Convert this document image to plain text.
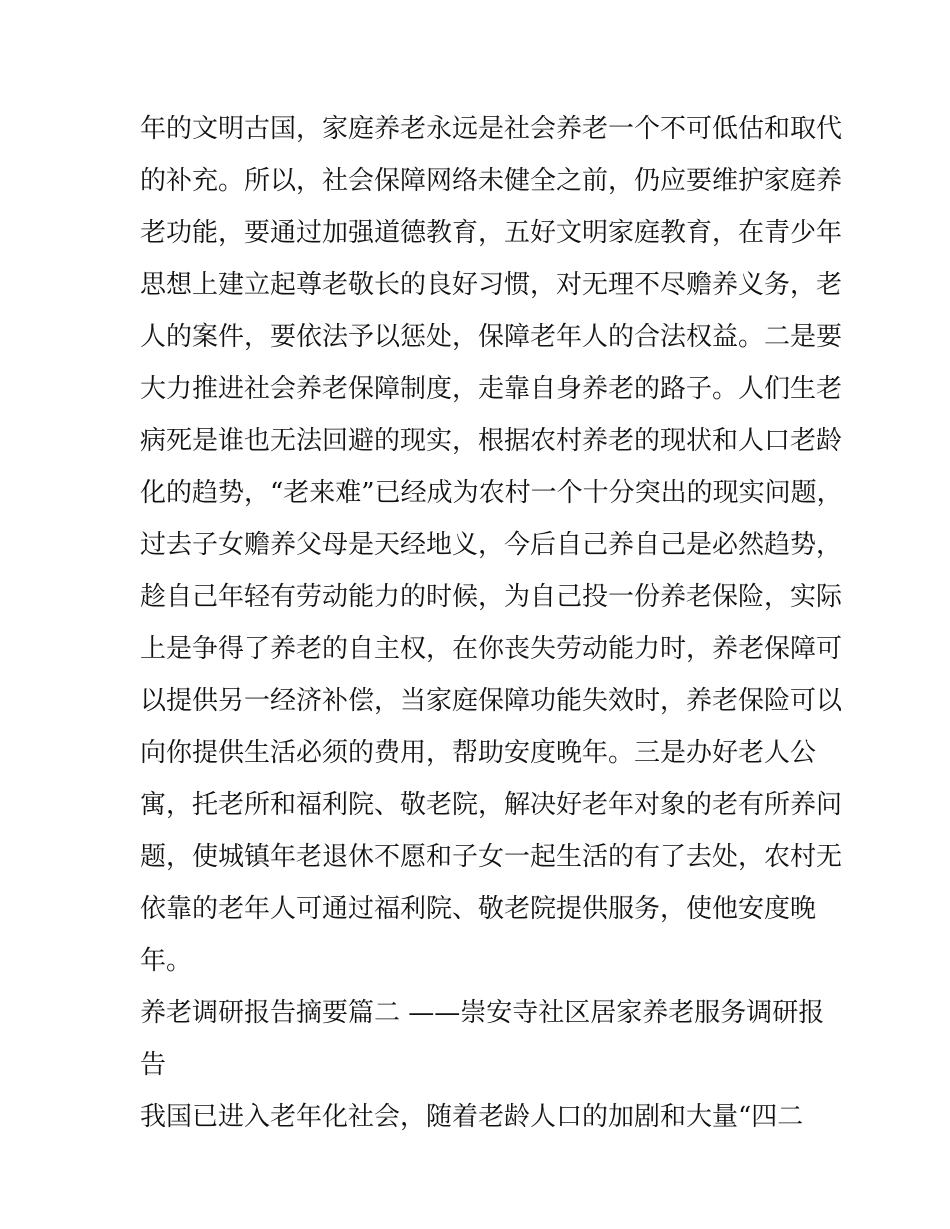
年的文明古国，家庭养老永远是社会养老一个不可低估和取代
的补充。所以，社会保障网络未健全之前，仍应要维护家庭养
老功能，要通过加强道德教育，五好文明家庭教育，在青少年
思想上建立起尊老敬长的良好习惯，对无理不尽赡养义务，老
人的案件，要依法予以惩处，保障老年人的合法权益。二是要
大力推进社会养老保障制度，走靠自身养老的路子。人们生老
病死是谁也无法回避的现实，根据农村养老的现状和人口老龄
化的趋势，“老来难”已经成为农村一个十分突出的现实问题，
过去子女赡养父母是天经地义，今后自己养自己是必然趋势，
趁自己年轻有劳动能力的时候，为自己投一份养老保险，实际
上是争得了养老的自主权，在你丧失劳动能力时，养老保障可
以提供另一经济补偿，当家庭保障功能失效时，养老保险可以
向你提供生活必须的费用，帮助安度晚年。三是办好老人公
寓，托老所和福利院、敬老院，解决好老年对象的老有所养问
题，使城镇年老退休不愿和子女一起生活的有了去处，农村无
依靠的老年人可通过福利院、敬老院提供服务，使他安度晚
年。
养老调研报告摘要篇二 ——崇安寺社区居家养老服务调研报
告
我国已进入老年化社会，随着老龄人口的加剧和大量“四二
